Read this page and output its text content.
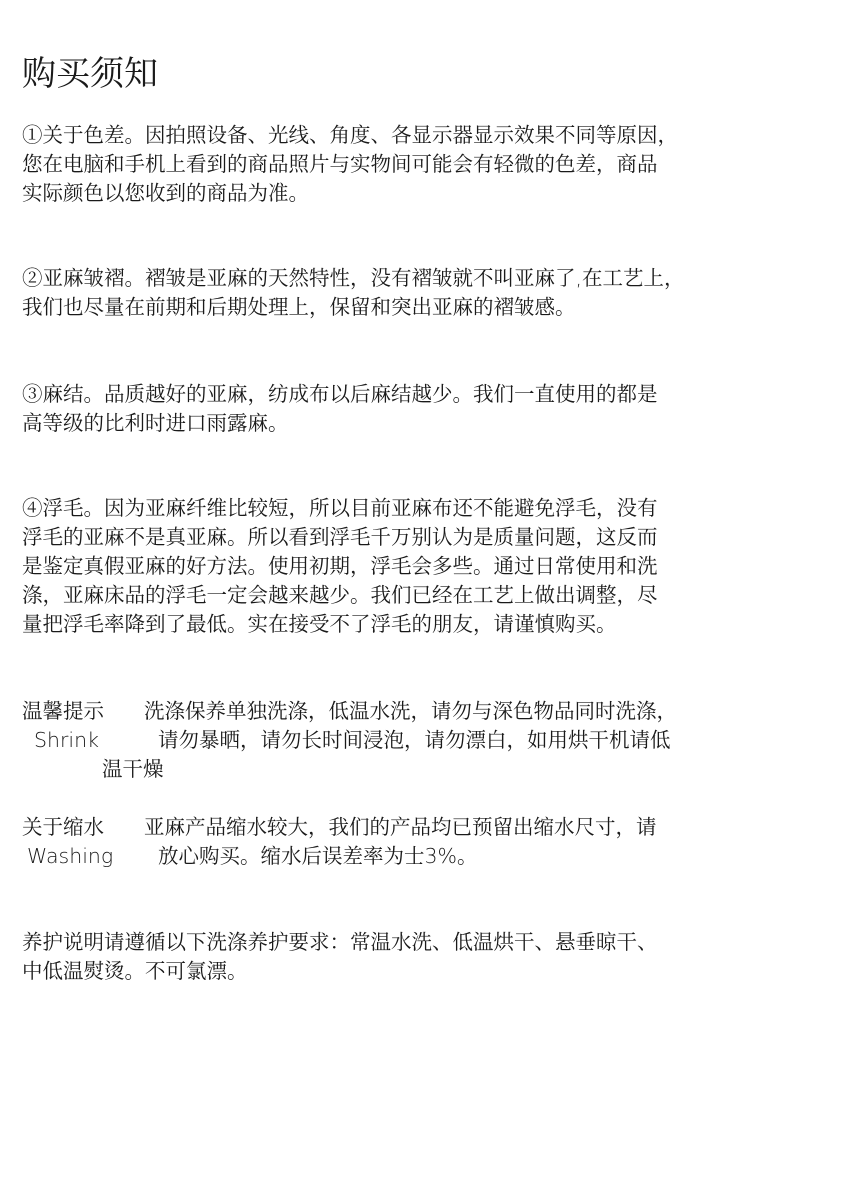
购买须知

①关于色差。因拍照设备、光线、角度、各显示器显示效果不同等原因，
您在电脑和手机上看到的商品照片与实物间可能会有轻微的色差，商品
实际颜色以您收到的商品为准。

②亚麻皱褶。褶皱是亚麻的天然特性，没有褶皱就不叫亚麻了,在工艺上，
我们也尽量在前期和后期处理上，保留和突出亚麻的褶皱感。

③麻结。品质越好的亚麻，纺成布以后麻结越少。我们一直使用的都是
高等级的比利时进口雨露麻。

④浮毛。因为亚麻纤维比较短，所以目前亚麻布还不能避免浮毛，没有
浮毛的亚麻不是真亚麻。所以看到浮毛千万别认为是质量问题，这反而
是鉴定真假亚麻的好方法。使用初期，浮毛会多些。通过日常使用和洗
涤，亚麻床品的浮毛一定会越来越少。我们已经在工艺上做出调整，尽
量把浮毛率降到了最低。实在接受不了浮毛的朋友，请谨慎购买。

温馨提示 洗涤保养单独洗涤，低温水洗，请勿与深色物品同时洗涤，
Shrink	请勿暴晒，请勿长时间浸泡，请勿漂白，如用烘干机请低
温干燥
关于缩水 亚麻产品缩水较大，我们的产品均已预留出缩水尺寸，请
Washing 放心购买。缩水后误差率为士3%。

养护说明请遵循以下洗涤养护要求：常温水洗、低温烘干、悬垂晾干、
中低温熨烫。不可氯漂。
